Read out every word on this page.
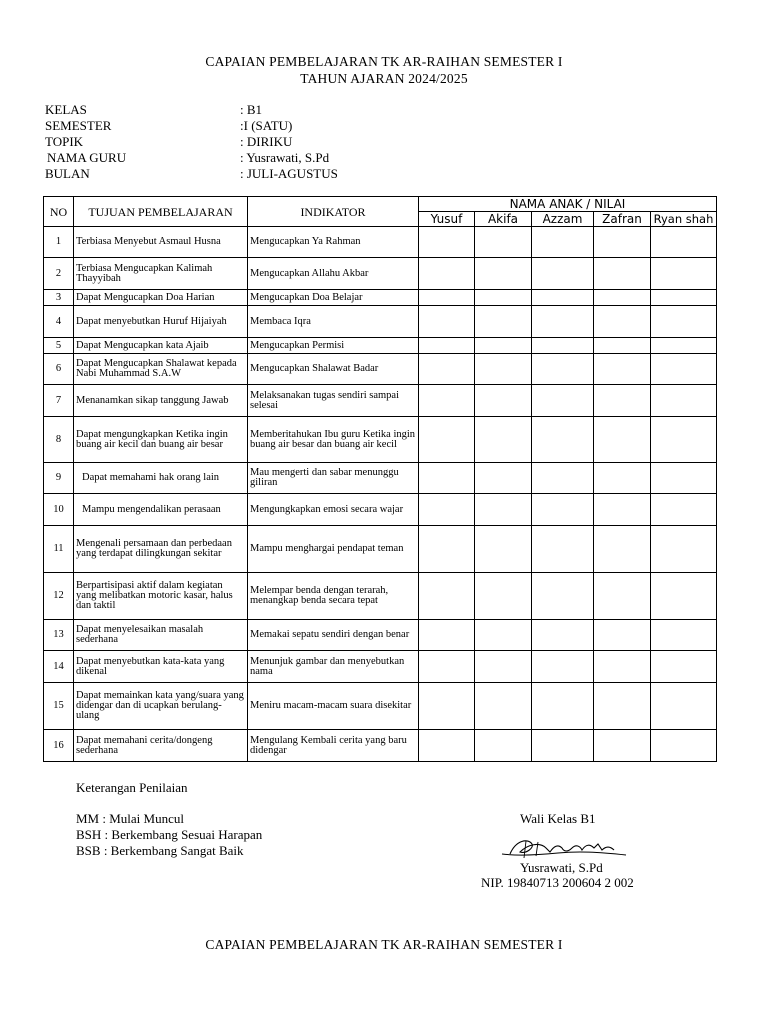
CAPAIAN PEMBELAJARAN TK AR-RAIHAN SEMESTER I
TAHUN AJARAN 2024/2025
KELAS	: B1
SEMESTER	:I (SATU)
TOPIK	: DIRIKU
NAMA GURU	: Yusrawati, S.Pd
BULAN	: JULI-AGUSTUS
NO	TUJUAN PEMBELAJARAN	INDIKATOR	NAMA ANAK / NILAI				
			Yusuf	Akifa	Azzam	Zafran	Ryan shah
1	Terbiasa Menyebut Asmaul Husna	Mengucapkan Ya Rahman					
2	Terbiasa Mengucapkan Kalimah Thayyibah	Mengucapkan Allahu Akbar					
3	Dapat Mengucapkan Doa Harian	Mengucapkan Doa Belajar					
4	Dapat menyebutkan Huruf Hijaiyah	Membaca Iqra					
5	Dapat Mengucapkan kata Ajaib	Mengucapkan Permisi					
6	Dapat Mengucapkan Shalawat kepada Nabi Muhammad S.A.W	Mengucapkan Shalawat Badar					
7	Menanamkan sikap tanggung Jawab	Melaksanakan tugas sendiri sampai selesai					
8	Dapat mengungkapkan Ketika ingin buang air kecil dan buang air besar	Memberitahukan Ibu guru Ketika ingin buang air besar dan buang air kecil					
9	Dapat memahami hak orang lain	Mau mengerti dan sabar menunggu giliran					
10	Mampu mengendalikan perasaan	Mengungkapkan emosi secara wajar					
11	Mengenali persamaan dan perbedaan yang terdapat dilingkungan sekitar	Mampu menghargai pendapat teman					
12	Berpartisipasi aktif dalam kegiatan yang melibatkan motoric kasar, halus dan taktil	Melempar benda dengan terarah, menangkap benda secara tepat					
13	Dapat menyelesaikan masalah sederhana	Memakai sepatu sendiri dengan benar					
14	Dapat menyebutkan kata-kata yang dikenal	Menunjuk gambar dan menyebutkan nama					
15	Dapat memainkan kata yang/suara yang didengar dan di ucapkan berulang-ulang	Meniru macam-macam suara disekitar					
16	Dapat memahani cerita/dongeng sederhana	Mengulang Kembali cerita yang baru didengar					
Keterangan Penilaian
MM : Mulai Muncul
BSH : Berkembang Sesuai Harapan
BSB : Berkembang Sangat Baik
Wali Kelas B1
Yusrawati, S.Pd
NIP. 19840713 200604 2 002
CAPAIAN PEMBELAJARAN TK AR-RAIHAN SEMESTER I
